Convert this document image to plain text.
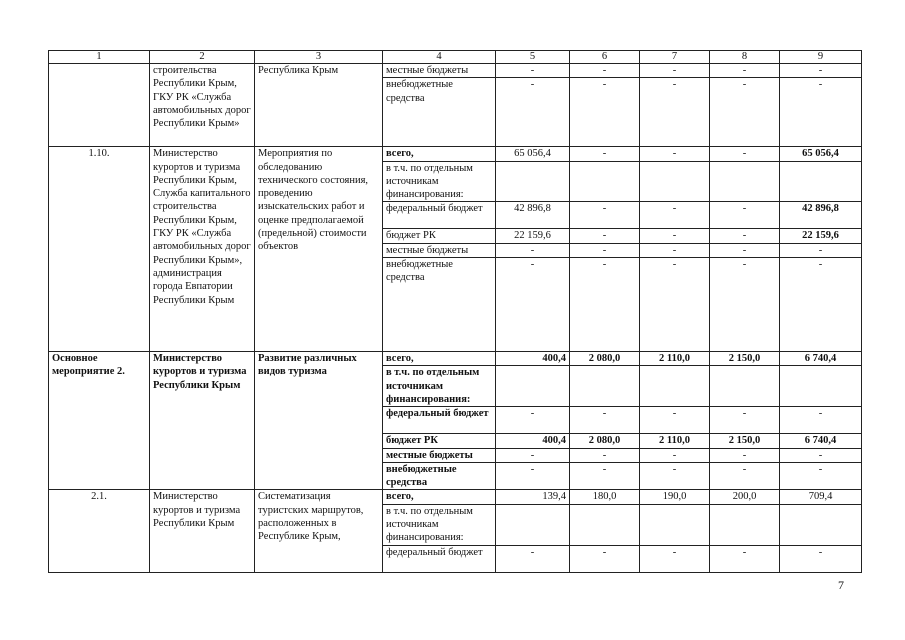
1	2	3	4	5	6	7	8	9
	строительства Республики Крым, ГКУ РК «Служба автомобильных дорог Республики Крым»	Республика Крым	местные бюджеты	-	-	-	-	-
			внебюджетные средства	-	-	-	-	-
1.10.	Министерство курортов и туризма Республики Крым, Служба капитального строительства Республики Крым, ГКУ РК «Служба автомобильных дорог Республики Крым», администрация города Евпатории Республики Крым	Мероприятия по обследованию технического состояния, проведению изыскательских работ и оценке предполагаемой (предельной) стоимости объектов	всего,	65 056,4	-	-	-	65 056,4
			в т.ч. по отдельным источникам финансирования:					
			федеральный бюджет	42 896,8	-	-	-	42 896,8
			бюджет РК	22 159,6	-	-	-	22 159,6
			местные бюджеты	-	-	-	-	-
			внебюджетные средства	-	-	-	-	-
Основное мероприятие 2.	Министерство курортов и туризма Республики Крым	Развитие различных видов туризма	всего,	400,4	2 080,0	2 110,0	2 150,0	6 740,4
			в т.ч. по отдельным источникам финансирования:					
			федеральный бюджет	-	-	-	-	-
			бюджет РК	400,4	2 080,0	2 110,0	2 150,0	6 740,4
			местные бюджеты	-	-	-	-	-
			внебюджетные средства	-	-	-	-	-
2.1.	Министерство курортов и туризма Республики Крым	Систематизация туристских маршрутов, расположенных в Республике Крым,	всего,	139,4	180,0	190,0	200,0	709,4
			в т.ч. по отдельным источникам финансирования:					
			федеральный бюджет	-	-	-	-	-
7
